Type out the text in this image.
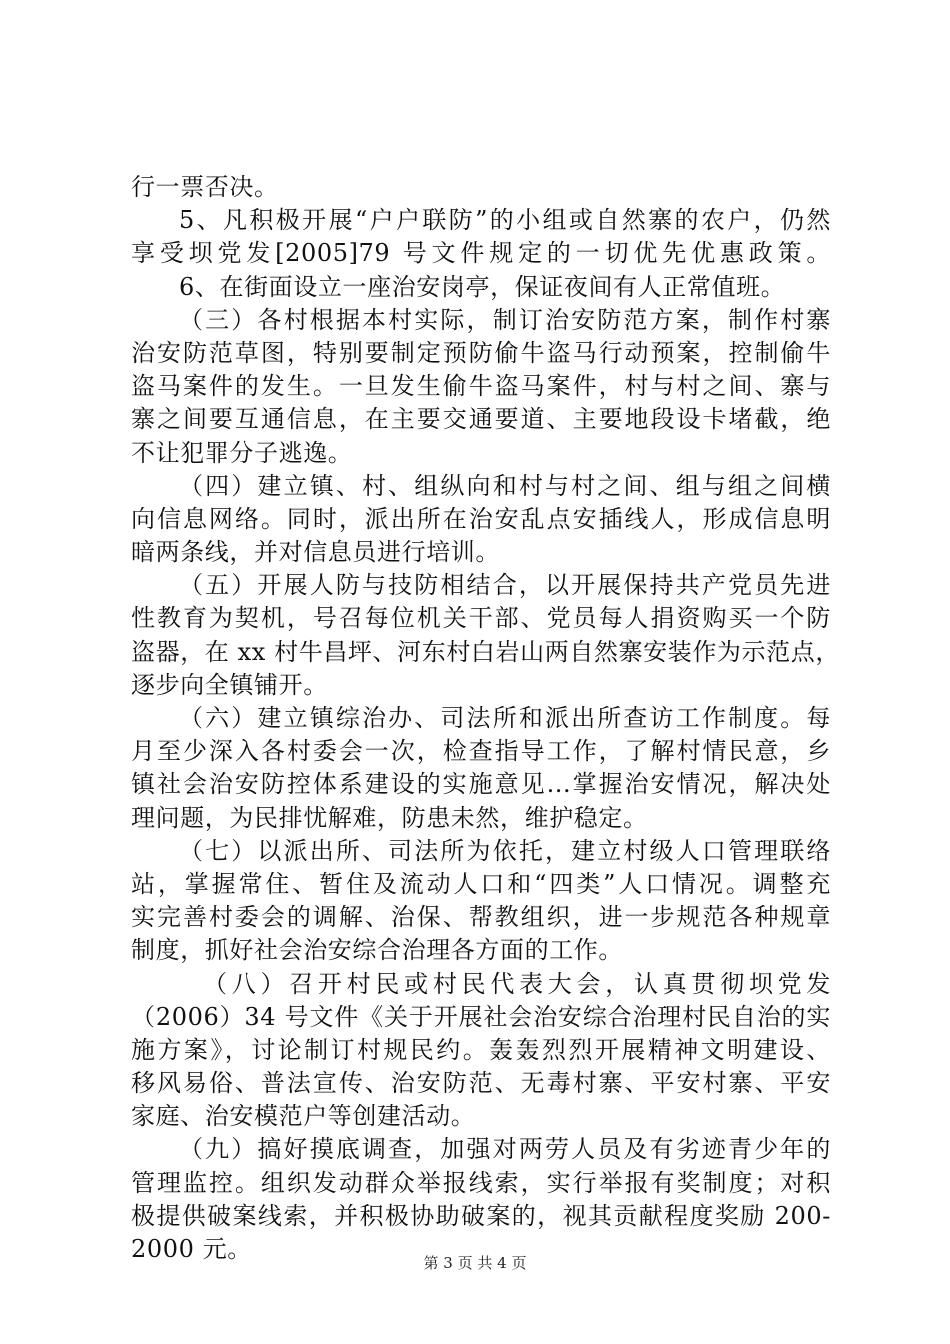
行一票否决。
5、凡积极开展“户户联防”的小组或自然寨的农户，仍然
享受坝党发[2005]79 号文件规定的一切优先优惠政策。
6、在街面设立一座治安岗亭，保证夜间有人正常值班。
（三）各村根据本村实际，制订治安防范方案，制作村寨
治安防范草图，特别要制定预防偷牛盗马行动预案，控制偷牛
盗马案件的发生。一旦发生偷牛盗马案件，村与村之间、寨与
寨之间要互通信息，在主要交通要道、主要地段设卡堵截，绝
不让犯罪分子逃逸。
（四）建立镇、村、组纵向和村与村之间、组与组之间横
向信息网络。同时，派出所在治安乱点安插线人，形成信息明
暗两条线，并对信息员进行培训。
（五）开展人防与技防相结合，以开展保持共产党员先进
性教育为契机，号召每位机关干部、党员每人捐资购买一个防
盗器，在 xx 村牛昌坪、河东村白岩山两自然寨安装作为示范点，
逐步向全镇铺开。
（六）建立镇综治办、司法所和派出所查访工作制度。每
月至少深入各村委会一次，检查指导工作，了解村情民意，乡
镇社会治安防控体系建设的实施意见...掌握治安情况，解决处
理问题，为民排忧解难，防患未然，维护稳定。
（七）以派出所、司法所为依托，建立村级人口管理联络
站，掌握常住、暂住及流动人口和“四类”人口情况。调整充
实完善村委会的调解、治保、帮教组织，进一步规范各种规章
制度，抓好社会治安综合治理各方面的工作。
（八）召开村民或村民代表大会，认真贯彻坝党发
（2006）34 号文件《关于开展社会治安综合治理村民自治的实
施方案》，讨论制订村规民约。轰轰烈烈开展精神文明建设、
移风易俗、普法宣传、治安防范、无毒村寨、平安村寨、平安
家庭、治安模范户等创建活动。
（九）搞好摸底调查，加强对两劳人员及有劣迹青少年的
管理监控。组织发动群众举报线索，实行举报有奖制度；对积
极提供破案线索，并积极协助破案的，视其贡献程度奖励 200-
2000 元。	第 3 页 共 4 页
